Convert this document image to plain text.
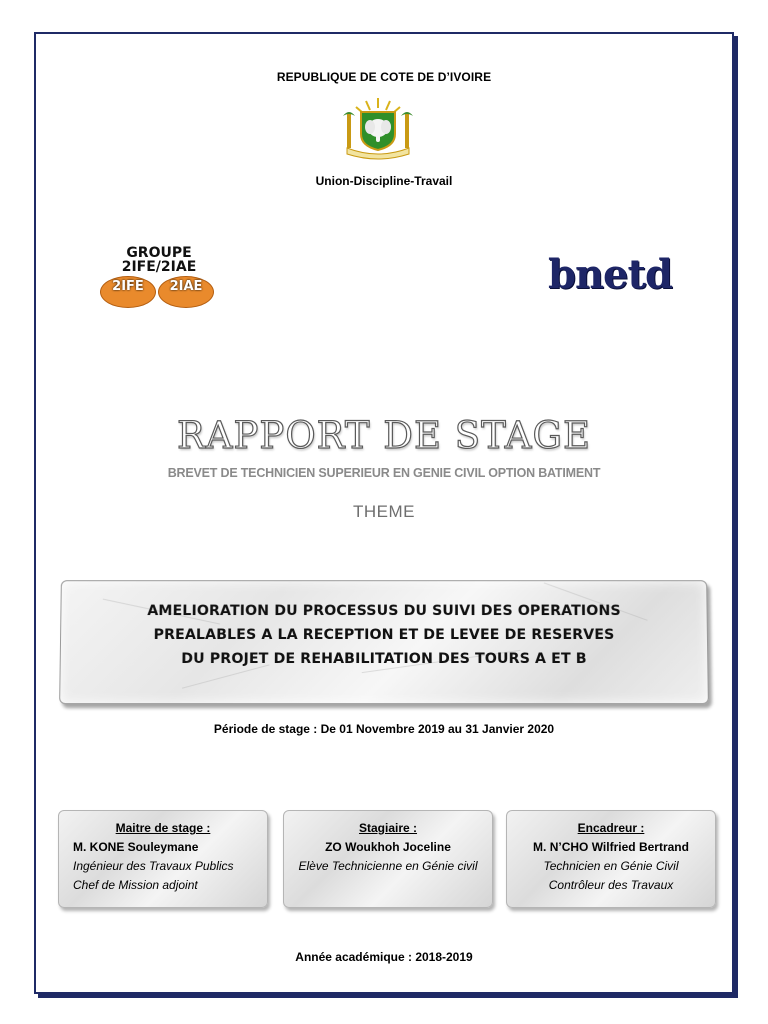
REPUBLIQUE DE COTE DE D’IVOIRE
Union-Discipline-Travail
GROUPE
2IFE/2IAE
2IFE	2IAE	bnetd
RAPPORT DE STAGE
BREVET DE TECHNICIEN SUPERIEUR EN GENIE CIVIL OPTION BATIMENT
THEME
AMELIORATION DU PROCESSUS DU SUIVI DES OPERATIONS
PREALABLES A LA RECEPTION ET DE LEVEE DE RESERVES
DU PROJET DE REHABILITATION DES TOURS A ET B
Période de stage : De 01 Novembre 2019 au 31 Janvier 2020
Maitre de stage :
M. KONE Souleymane
Ingénieur des Travaux Publics
Chef de Mission adjoint
Stagiaire :
ZO Woukhoh Joceline
Elève Technicienne en Génie civil
Encadreur :
M. N’CHO Wilfried Bertrand
Technicien en Génie Civil
Contrôleur des Travaux
Année académique : 2018-2019
